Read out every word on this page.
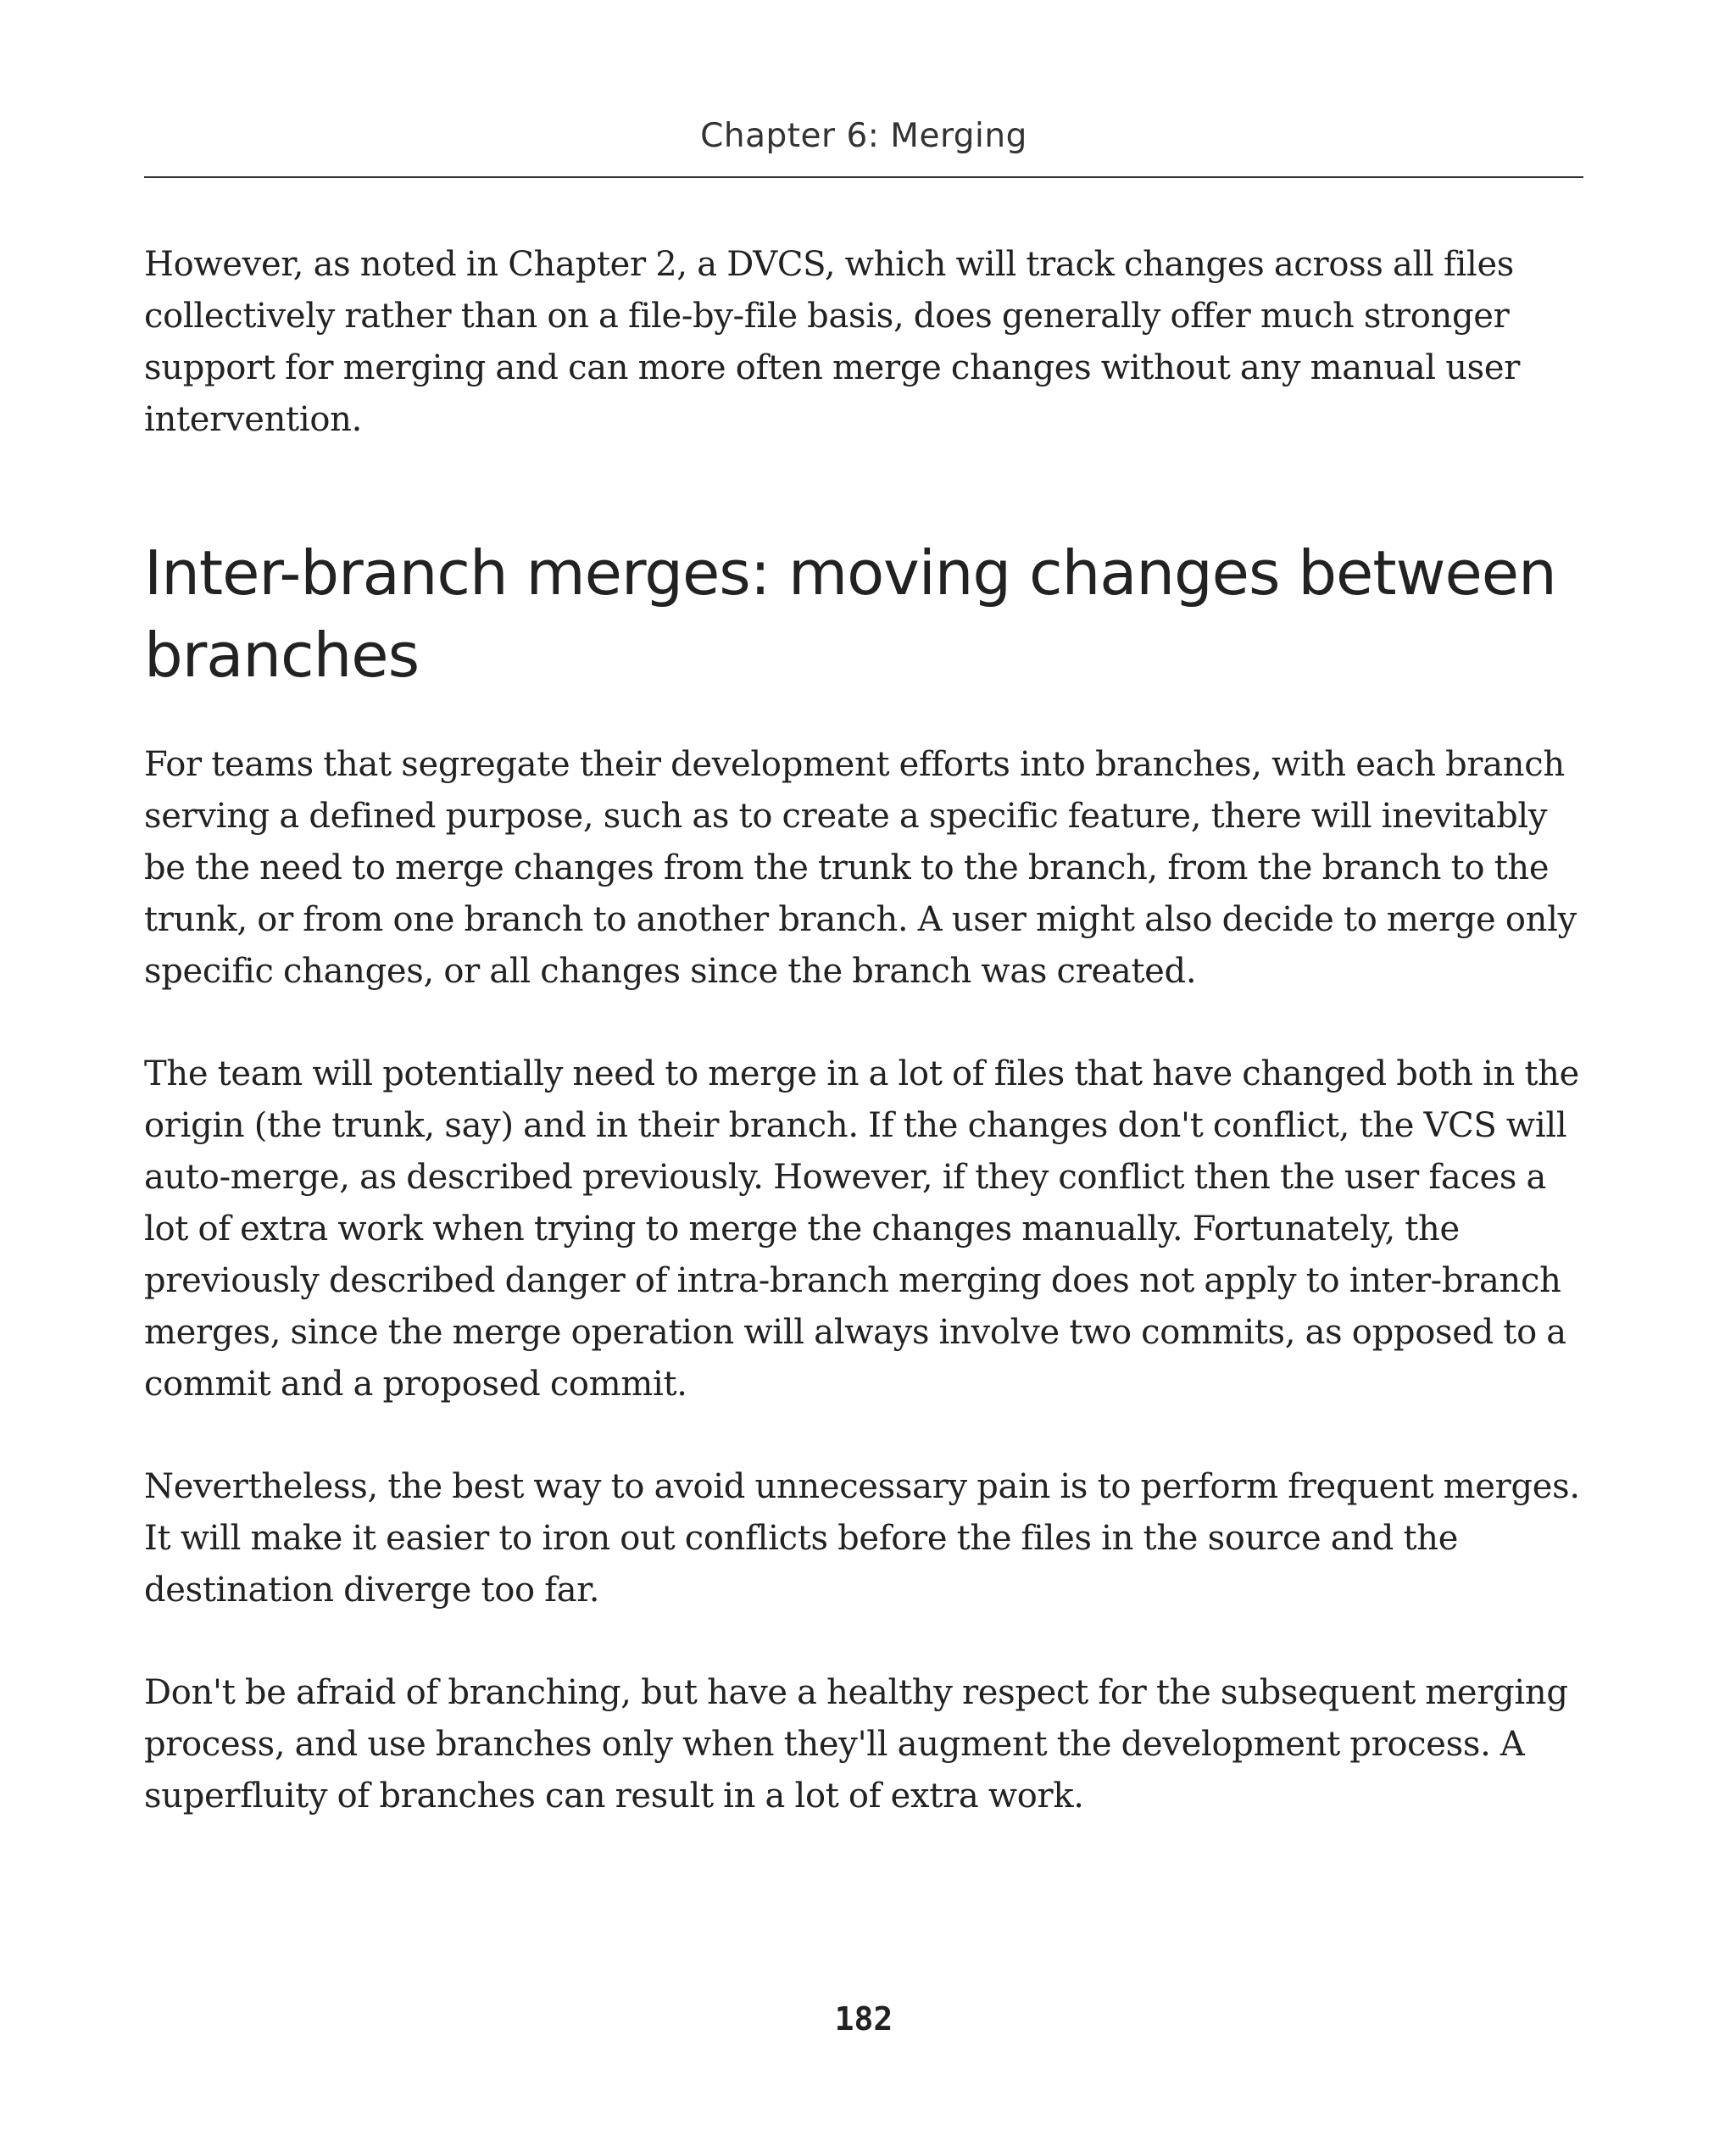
Chapter 6: Merging

However, as noted in Chapter 2, a DVCS, which will track changes across all files collectively rather than on a file-by-file basis, does generally offer much stronger support for merging and can more often merge changes without any manual user intervention.

Inter-branch merges: moving changes between branches

For teams that segregate their development efforts into branches, with each branch serving a defined purpose, such as to create a specific feature, there will inevitably be the need to merge changes from the trunk to the branch, from the branch to the trunk, or from one branch to another branch. A user might also decide to merge only specific changes, or all changes since the branch was created.

The team will potentially need to merge in a lot of files that have changed both in the origin (the trunk, say) and in their branch. If the changes don't conflict, the VCS will auto-merge, as described previously. However, if they conflict then the user faces a lot of extra work when trying to merge the changes manually. Fortunately, the previously described danger of intra-branch merging does not apply to inter-branch merges, since the merge operation will always involve two commits, as opposed to a commit and a proposed commit.

Nevertheless, the best way to avoid unnecessary pain is to perform frequent merges. It will make it easier to iron out conflicts before the files in the source and the destination diverge too far.

Don't be afraid of branching, but have a healthy respect for the subsequent merging process, and use branches only when they'll augment the development process. A superfluity of branches can result in a lot of extra work.

182
